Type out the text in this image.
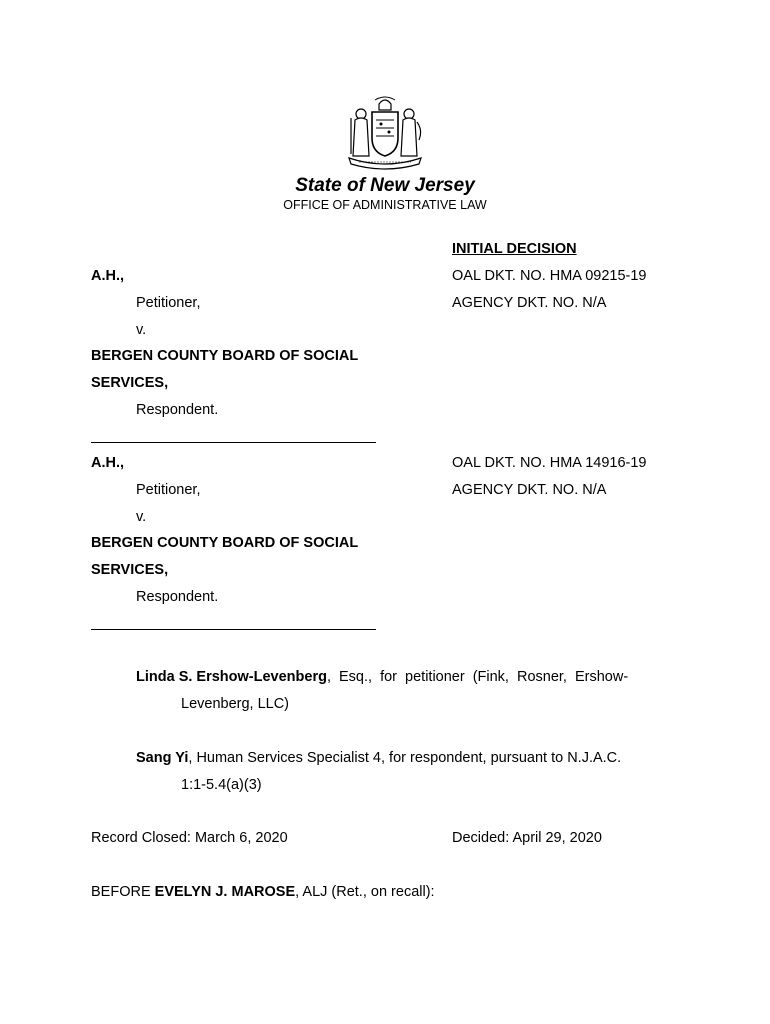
State of New Jersey
OFFICE OF ADMINISTRATIVE LAW
INITIAL DECISION
A.H.,	OAL DKT. NO. HMA 09215-19
Petitioner,	AGENCY DKT. NO. N/A
v.
BERGEN COUNTY BOARD OF SOCIAL
SERVICES,
Respondent.
A.H.,	OAL DKT. NO. HMA 14916-19
Petitioner,	AGENCY DKT. NO. N/A
v.
BERGEN COUNTY BOARD OF SOCIAL
SERVICES,
Respondent.
Linda S. Ershow-Levenberg, Esq., for petitioner (Fink, Rosner, Ershow-
Levenberg, LLC)
Sang Yi, Human Services Specialist 4, for respondent, pursuant to N.J.A.C.
1:1-5.4(a)(3)
Record Closed: March 6, 2020	Decided: April 29, 2020
BEFORE EVELYN J. MAROSE, ALJ (Ret., on recall):
